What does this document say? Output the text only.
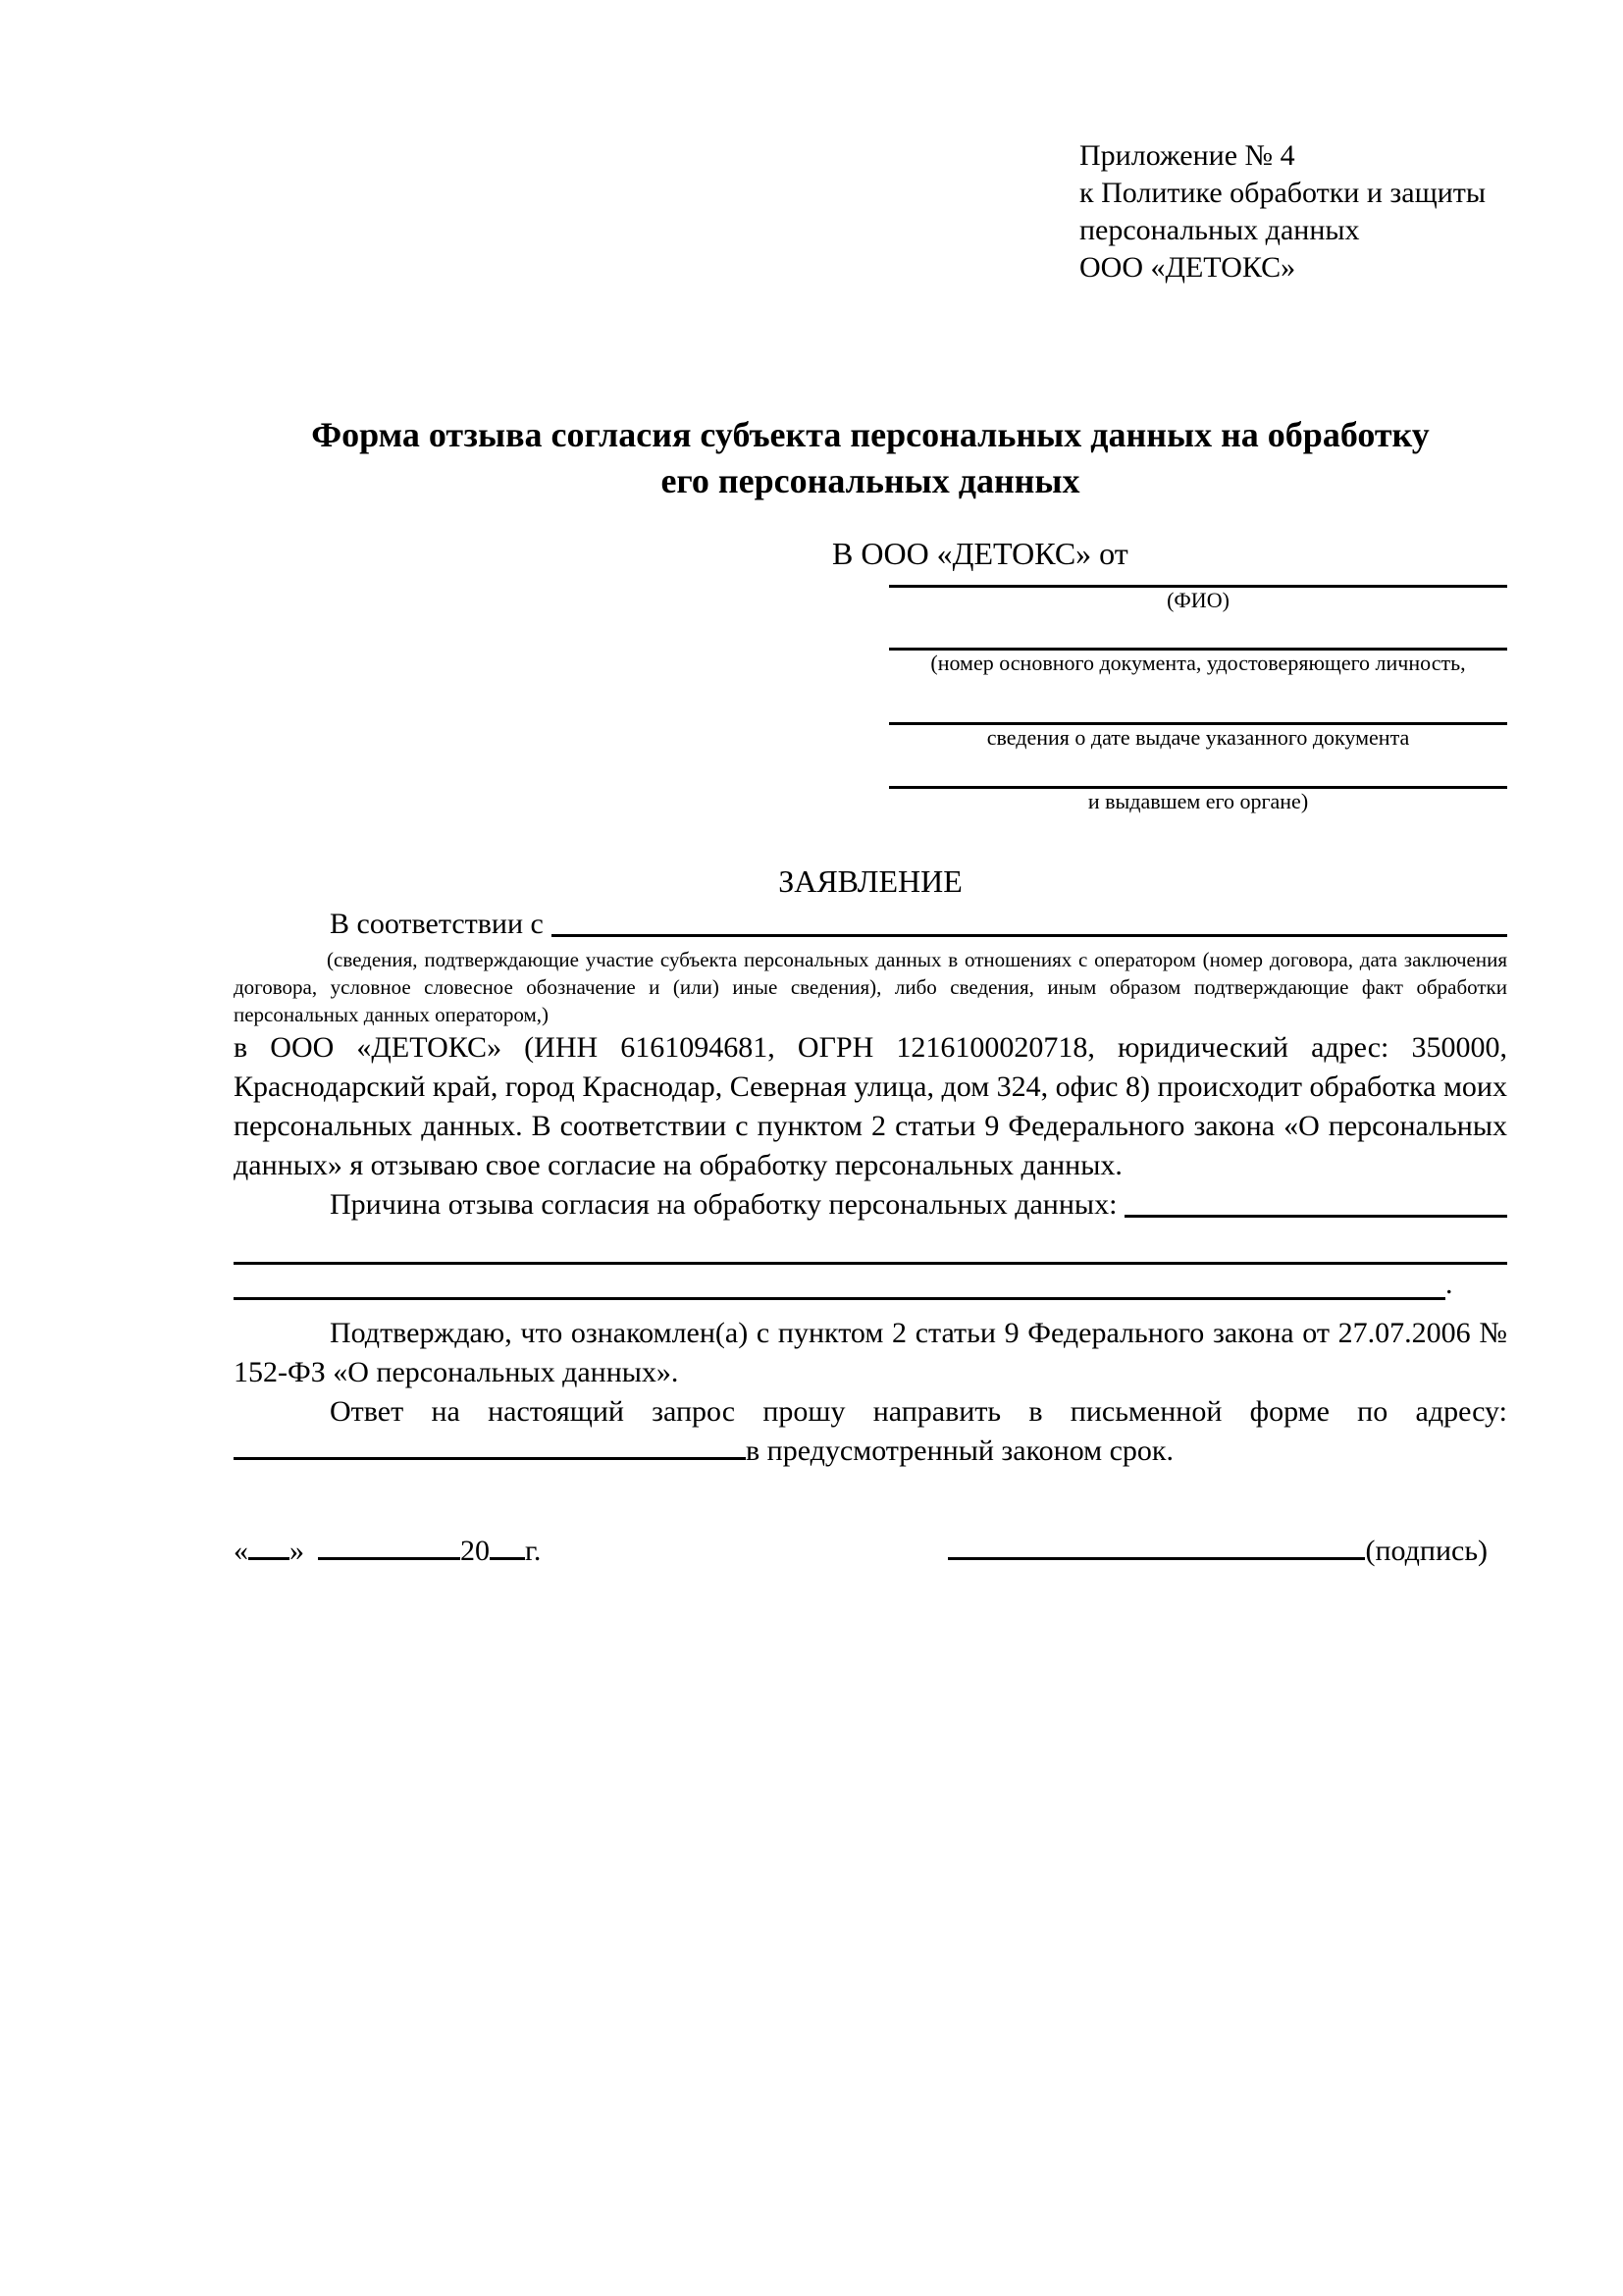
Приложение № 4
к Политике обработки и защиты
персональных данных
ООО «ДЕТОКС»
Форма отзыва согласия субъекта персональных данных на обработку
его персональных данных
В ООО «ДЕТОКС» от
(ФИО)
(номер основного документа, удостоверяющего личность,
сведения о дате выдаче указанного документа
и выдавшем его органе)
ЗАЯВЛЕНИЕ
В соответствии с

(сведения, подтверждающие участие субъекта персональных данных в отношениях с оператором (номер договора, дата заключения договора, условное словесное обозначение и (или) иные сведения), либо сведения, иным образом подтверждающие факт обработки персональных данных оператором,)

в ООО «ДЕТОКС» (ИНН 6161094681, ОГРН 1216100020718, юридический адрес: 350000, Краснодарский край, город Краснодар, Северная улица, дом 324, офис 8) происходит обработка моих персональных данных. В соответствии с пунктом 2 статьи 9 Федерального закона «О персональных данных» я отзываю свое согласие на обработку персональных данных.

Причина отзыва согласия на обработку персональных данных:
.

Подтверждаю, что ознакомлен(а) с пунктом 2 статьи 9 Федерального закона от 27.07.2006 № 152-ФЗ «О персональных данных».

Ответ на настоящий запрос прошу направить в письменной форме по адресу:
в предусмотренный законом срок.
« »	20 г.	(подпись)
